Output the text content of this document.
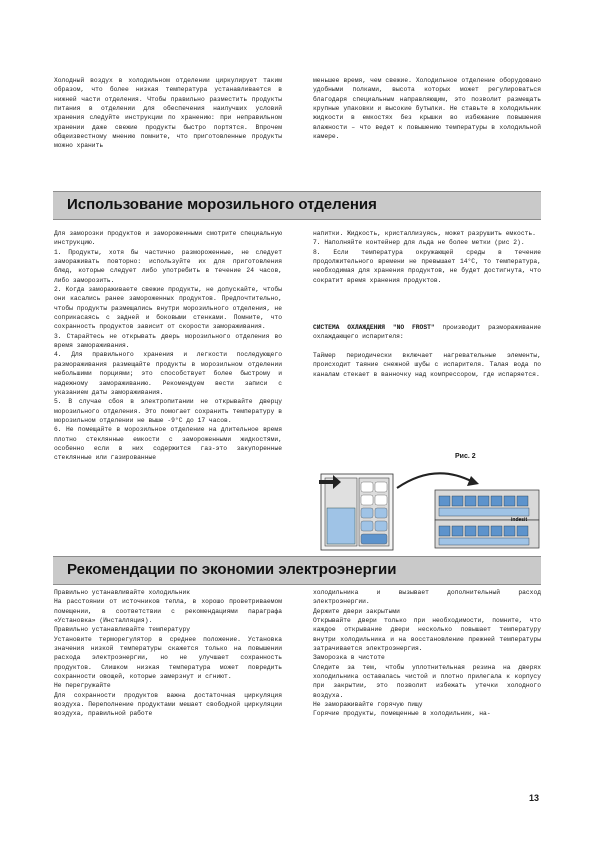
Холодный воздух в холодильном отделении циркулирует таким образом, что более низкая температура устанавливается в нижней части отделения. Чтобы правильно разместить продукты питания в отделении для обеспечения наилучших условий хранения следуйте инструкции по хранению: при неправильном хранении даже свежие продукты быстро портятся. Впрочем общеизвестному мнению помните, что приготовленные продукты можно хранить

меньшее время, чем свежие. Холодильное отделение оборудовано удобными полками, высота которых может регулироваться благодаря специальным направляющим, это позволит размещать крупные упаковки и высокие бутылки. Не ставьте в холодильник жидкости в емкостях без крышки во избежание повышения влажности – что ведет к повышению температуры в холодильной камере.

Использование морозильного отделения

Для заморозки продуктов и замороженными смотрите специальную инструкцию.
1. Продукты, хотя бы частично размороженные, не следует замораживать повторно: используйте их для приготовления блюд, которые следует либо употребить в течение 24 часов, либо заморозить.
2. Когда замораживаете свежие продукты, не допускайте, чтобы они касались ранее замороженных продуктов. Предпочтительно, чтобы продукты размещались внутри морозильного отделения, не соприкасаясь с задней и боковыми стенками. Помните, что сохранность продуктов зависит от скорости замораживания.
3. Старайтесь не открывать дверь морозильного отделения во время замораживания.
4. Для правильного хранения и легкости последующего размораживания размещайте продукты в морозильном отделении небольшими порциями; это способствует более быстрому и надежному замораживанию. Рекомендуем вести записи с указанием даты замораживания.
5. В случае сбоя в электропитании не открывайте дверцу морозильного отделения. Это помогает сохранить температуру в морозильном отделении не выше -9°С до 17 часов.
6. Не помещайте в морозильное отделение на длительное время плотно стеклянные емкости с замороженными жидкостями, особенно если в них содержится газ-это закупоренные стеклянные или газированные

напитки. Жидкость, кристаллизуясь, может разрушить емкость.
7. Наполняйте контейнер для льда не более метки (рис 2).
8. Если температура окружающей среды в течение продолжительного времени не превышает 14°С, то температура, необходимая для хранения продуктов, не будет достигнута, что сократит время хранения продуктов.

СИСТЕМА ОХЛАЖДЕНИЯ "NO FROST" производит размораживание охлаждающего испарителя:

Таймер периодически включает нагревательные элементы, происходит таяние снежной шубы с испарителя. Талая вода по каналам стекает в ванночку над компрессором, где испаряется.

Рис. 2
indesit
Рекомендации по экономии электроэнергии

Правильно устанавливайте холодильник
На расстоянии от источников тепла, в хорошо проветриваемом помещении, в соответствии с рекомендациями параграфа «Установка» (Инсталляция).
Правильно устанавливайте температуру
Установите терморегулятор в среднее положение. Установка значения низкой температуры скажется только на повышении расхода электроэнергии, но не улучшает сохранность продуктов. Слишком низкая температура может повредить сохранности овощей, которые замерзнут и сгниют.
Не перегружайте
Для сохранности продуктов важна достаточная циркуляция воздуха. Переполнение продуктами мешает свободной циркуляции воздуха, правильной работе

холодильника и вызывает дополнительный расход электроэнергии.
Держите двери закрытыми
Открывайте двери только при необходимости, помните, что каждое открывание двери несколько повышает температуру внутри холодильника и на восстановление прежней температуры затрачивается электроэнергия.
Заморозка в чистоте
Следите за тем, чтобы уплотнительная резина на дверях холодильника оставалась чистой и плотно прилегала к корпусу при закрытии, это позволит избежать утечки холодного воздуха.
Не замораживайте горячую пищу
Горячие продукты, помещенные в холодильник, на-

13
